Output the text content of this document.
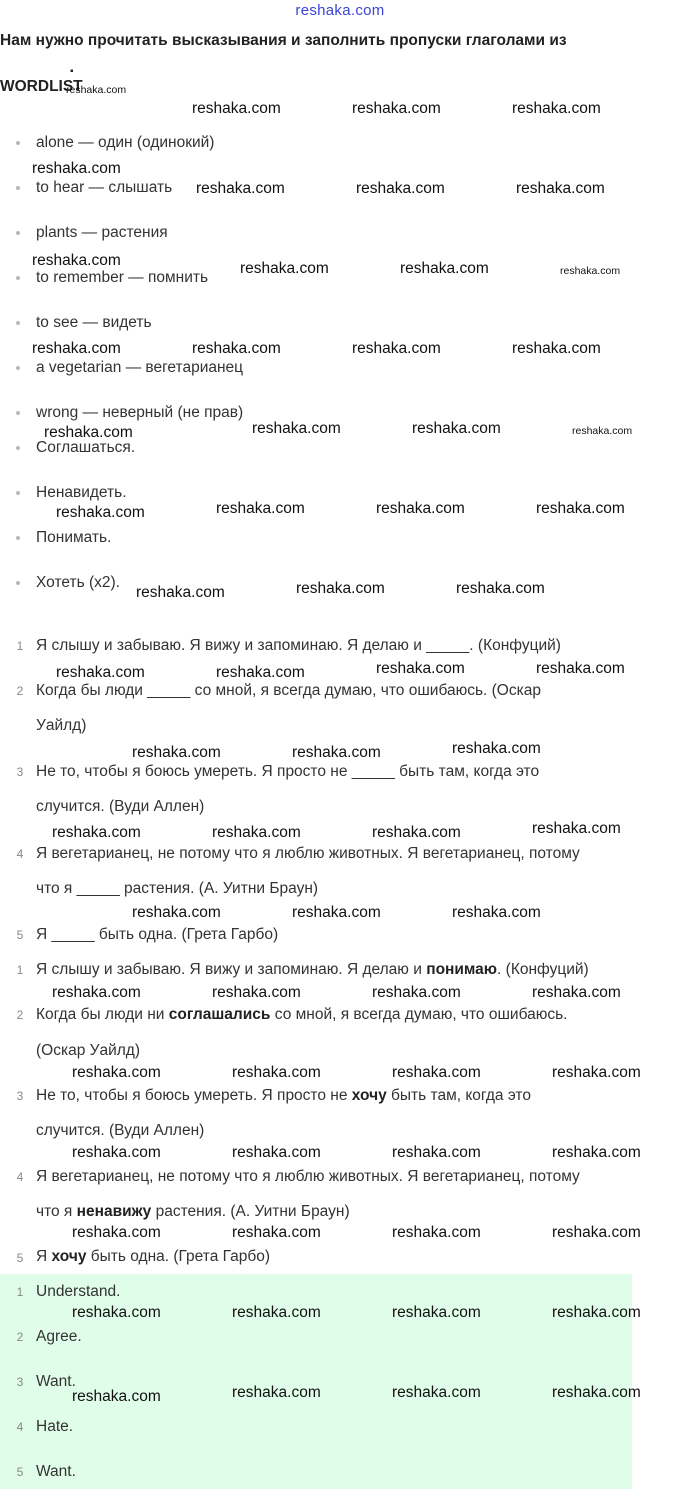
reshaka.com
Нам нужно прочитать высказывания и заполнить пропуски глаголами из
▪
WORDLIST
alone — один (одинокий)
to hear — слышать
plants — растения
to remember — помнить
to see — видеть
a vegetarian — вегетарианец
wrong — неверный (не прав)
Соглашаться.
Ненавидеть.
Понимать.
Хотеть (x2).
1 Я слышу и забываю. Я вижу и запоминаю. Я делаю и _____. (Конфуций)
2 Когда бы люди _____ со мной, я всегда думаю, что ошибаюсь. (Оскар
Уайлд)
3 Не то, чтобы я боюсь умереть. Я просто не _____ быть там, когда это
случится. (Вуди Аллен)
4 Я вегетарианец, не потому что я люблю животных. Я вегетарианец, потому
что я _____ растения. (А. Уитни Браун)
5 Я _____ быть одна. (Грета Гарбо)
1 Я слышу и забываю. Я вижу и запоминаю. Я делаю и понимаю. (Конфуций)
2 Когда бы люди ни соглашались со мной, я всегда думаю, что ошибаюсь.
(Оскар Уайлд)
3 Не то, чтобы я боюсь умереть. Я просто не хочу быть там, когда это
случится. (Вуди Аллен)
4 Я вегетарианец, не потому что я люблю животных. Я вегетарианец, потому
что я ненавижу растения. (А. Уитни Браун)
5 Я хочу быть одна. (Грета Гарбо)
1 Understand.
2 Agree.
3 Want.
4 Hate.
5 Want.
reshaka.com
reshaka.com	reshaka.com	reshaka.com
reshaka.com
reshaka.com	reshaka.com	reshaka.com
reshaka.com	reshaka.com	reshaka.com	reshaka.com
reshaka.com	reshaka.com	reshaka.com	reshaka.com
reshaka.com	reshaka.com	reshaka.com	reshaka.com
reshaka.com	reshaka.com	reshaka.com	reshaka.com
reshaka.com	reshaka.com	reshaka.com
reshaka.com	reshaka.com	reshaka.com	reshaka.com
reshaka.com	reshaka.com	reshaka.com
reshaka.com	reshaka.com	reshaka.com	reshaka.com
reshaka.com	reshaka.com	reshaka.com
reshaka.com	reshaka.com	reshaka.com	reshaka.com
reshaka.com	reshaka.com	reshaka.com	reshaka.com
reshaka.com	reshaka.com	reshaka.com	reshaka.com
reshaka.com	reshaka.com	reshaka.com	reshaka.com
reshaka.com	reshaka.com	reshaka.com	reshaka.com
reshaka.com	reshaka.com	reshaka.com	reshaka.com
